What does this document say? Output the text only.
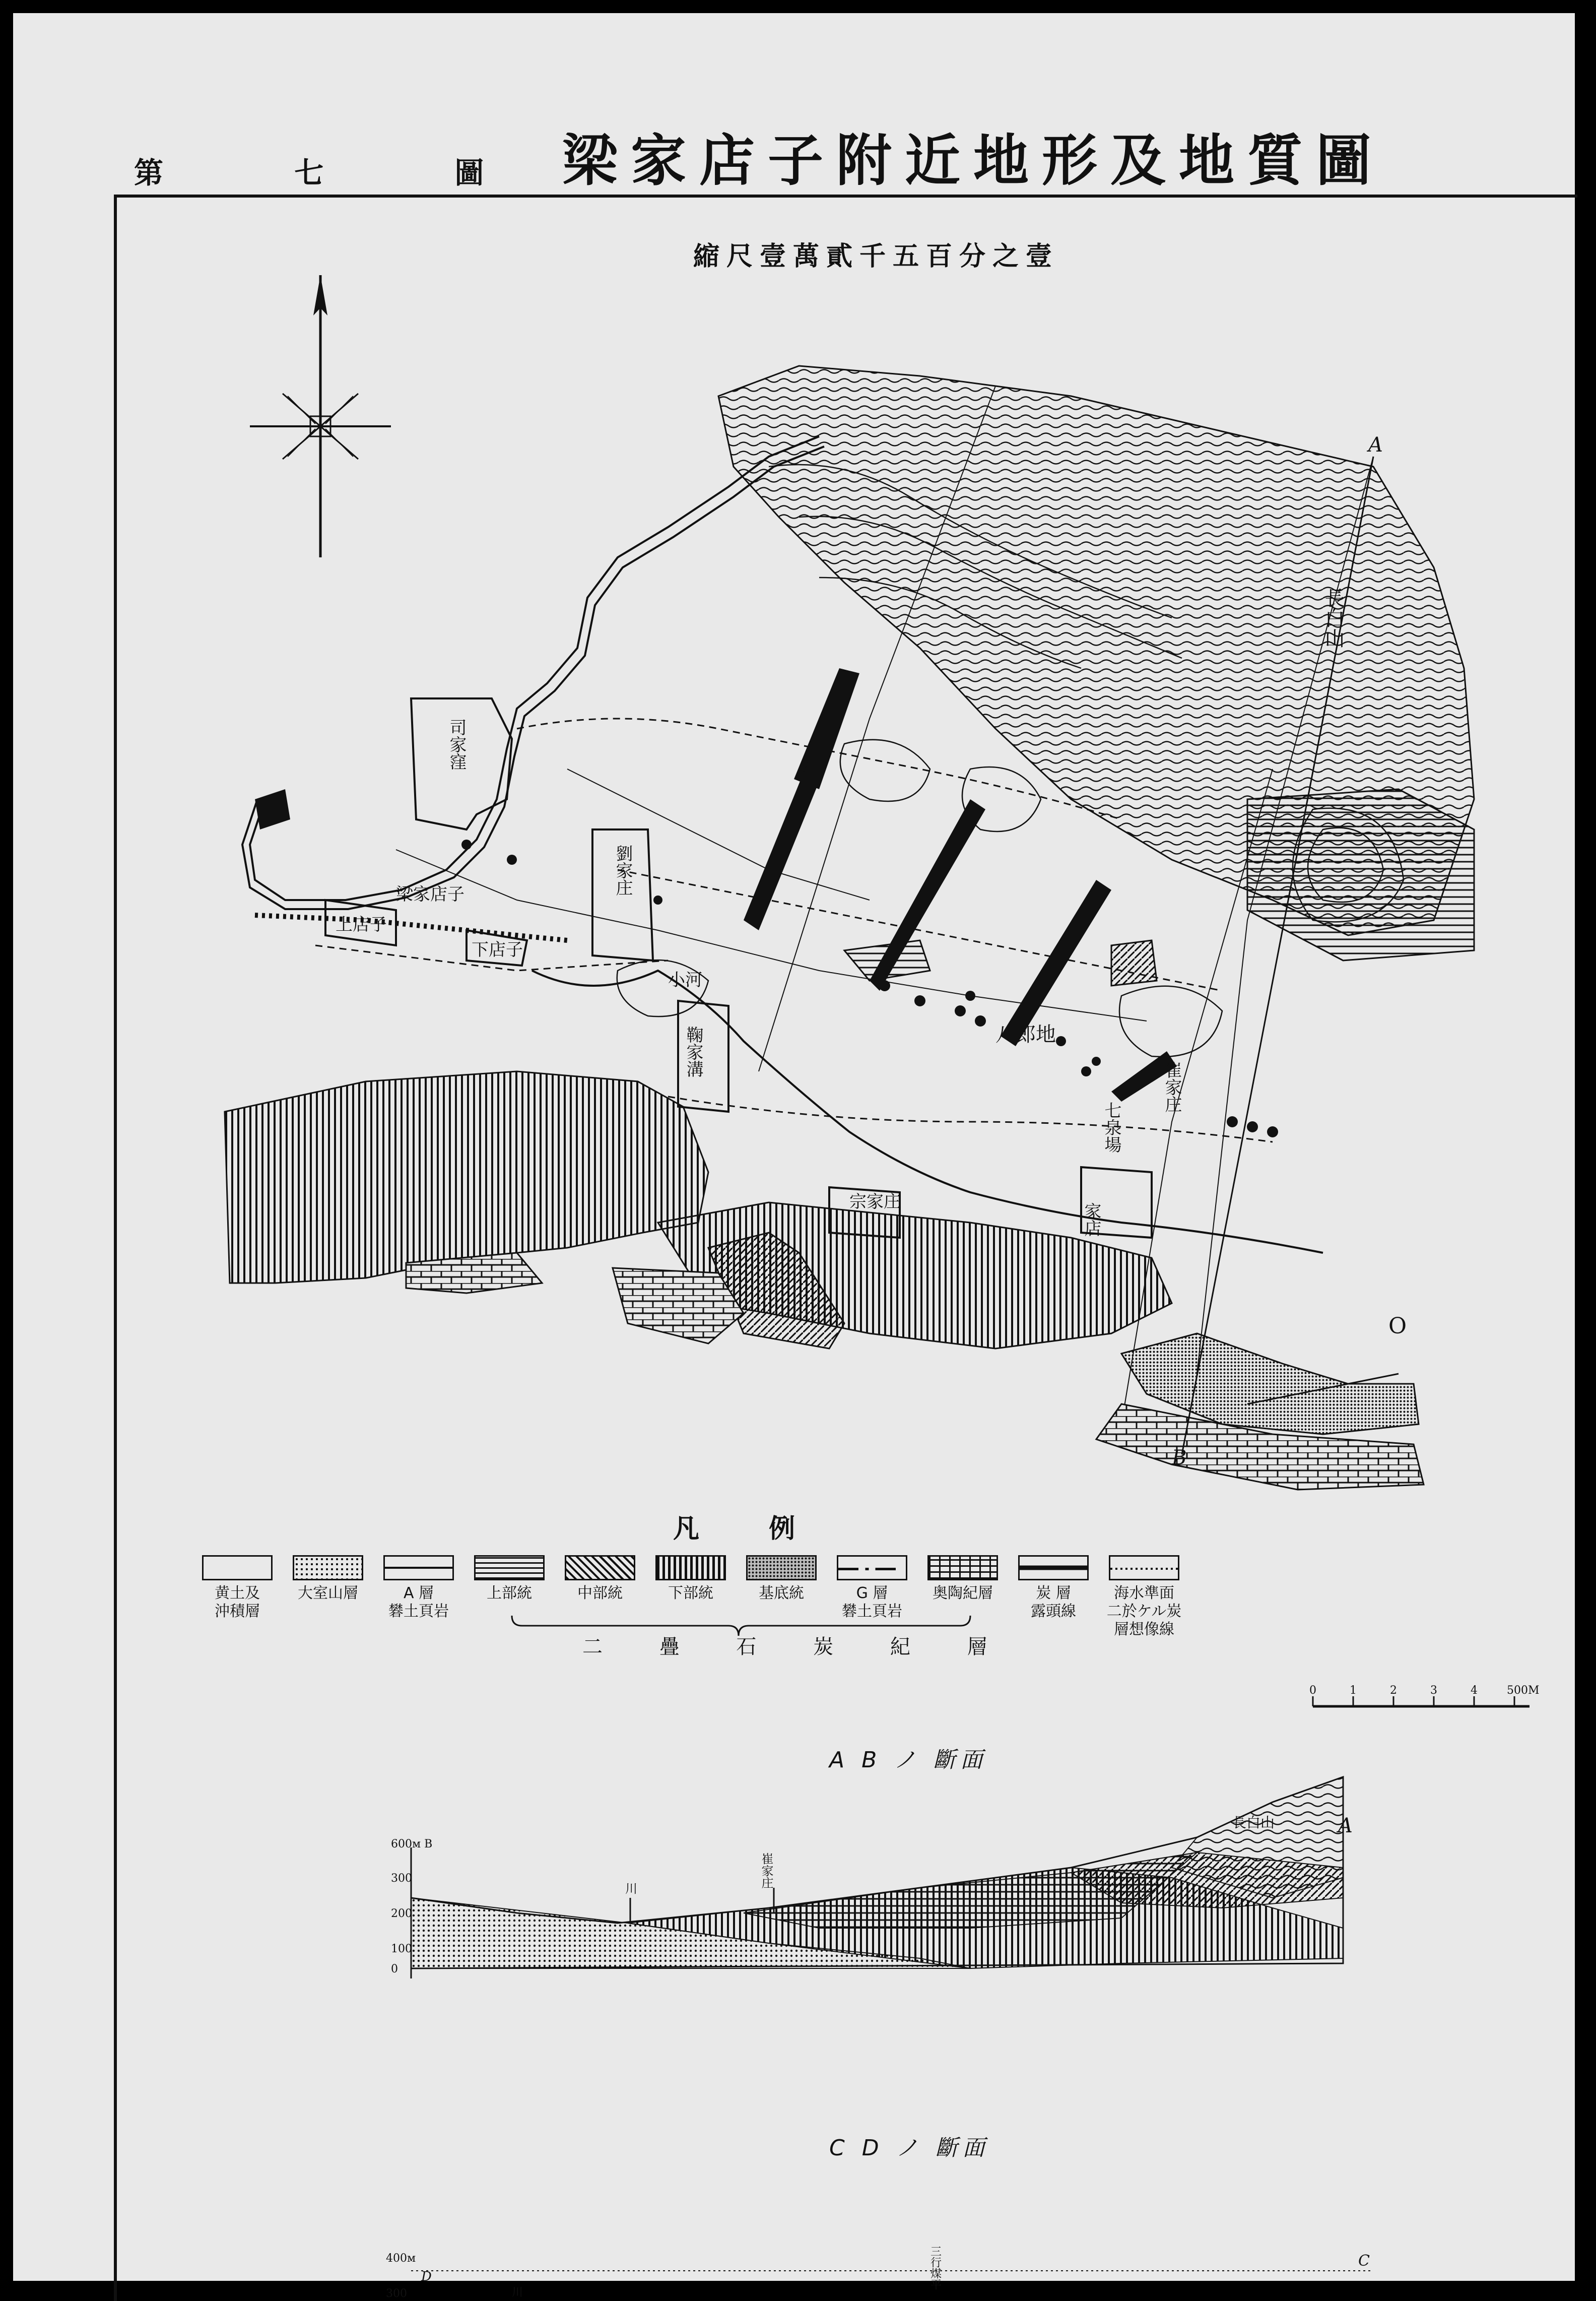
第 七 圖 梁家店子附近地形及地質圖
縮尺壹萬貳千五百分之壹
司家窪
劉家庄
梁家店子
上店子
下店子
小河
鞠家溝
長白山
八郎地
崔家庄
宗家庄
家店
七泉場
A
B
O
0	1	2	3	4	500M
300
200
100
0
600м B
A
長白山
崔家庄
川
400м
300
D
C
川
三行煤平
凡 例
黄土及
沖積層
大室山層	A 層
礬土頁岩
上部統	中部統	下部統	基底統	G 層
礬土頁岩
奥陶紀層	炭 層
露頭線
海水準面
二於ケル炭
層想像線
二 疊 石 炭 紀 層
A B ノ 斷面
C D ノ 斷面
